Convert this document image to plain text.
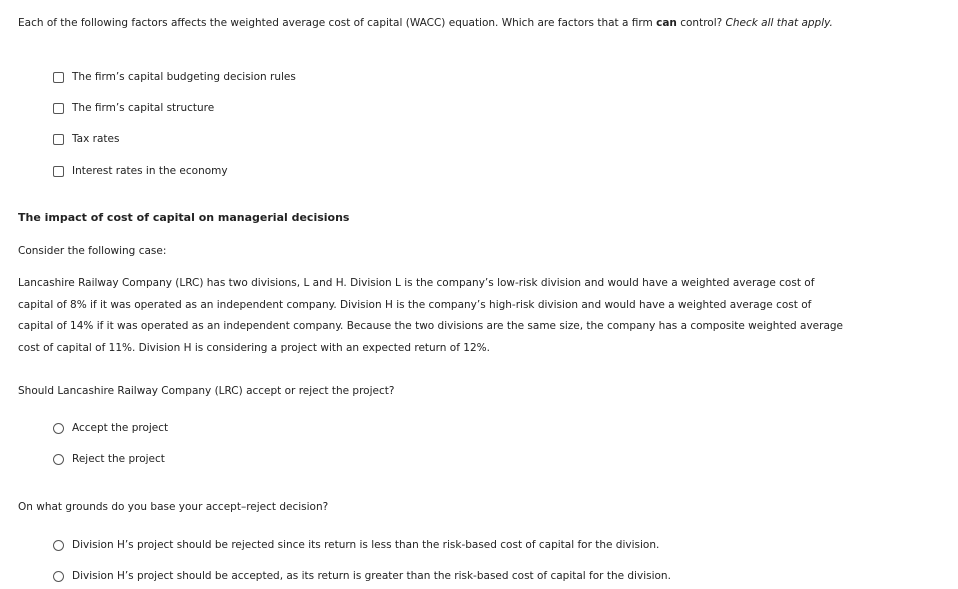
Each of the following factors affects the weighted average cost of capital (WACC) equation. Which are factors that a firm can control? Check all that apply.
The firm’s capital budgeting decision rules
The firm’s capital structure
Tax rates
Interest rates in the economy
The impact of cost of capital on managerial decisions
Consider the following case:
Lancashire Railway Company (LRC) has two divisions, L and H. Division L is the company’s low-risk division and would have a weighted average cost of capital of 8% if it was operated as an independent company. Division H is the company’s high-risk division and would have a weighted average cost of capital of 14% if it was operated as an independent company. Because the two divisions are the same size, the company has a composite weighted average cost of capital of 11%. Division H is considering a project with an expected return of 12%.
Should Lancashire Railway Company (LRC) accept or reject the project?
Accept the project
Reject the project
On what grounds do you base your accept–reject decision?
Division H’s project should be rejected since its return is less than the risk-based cost of capital for the division.
Division H’s project should be accepted, as its return is greater than the risk-based cost of capital for the division.
